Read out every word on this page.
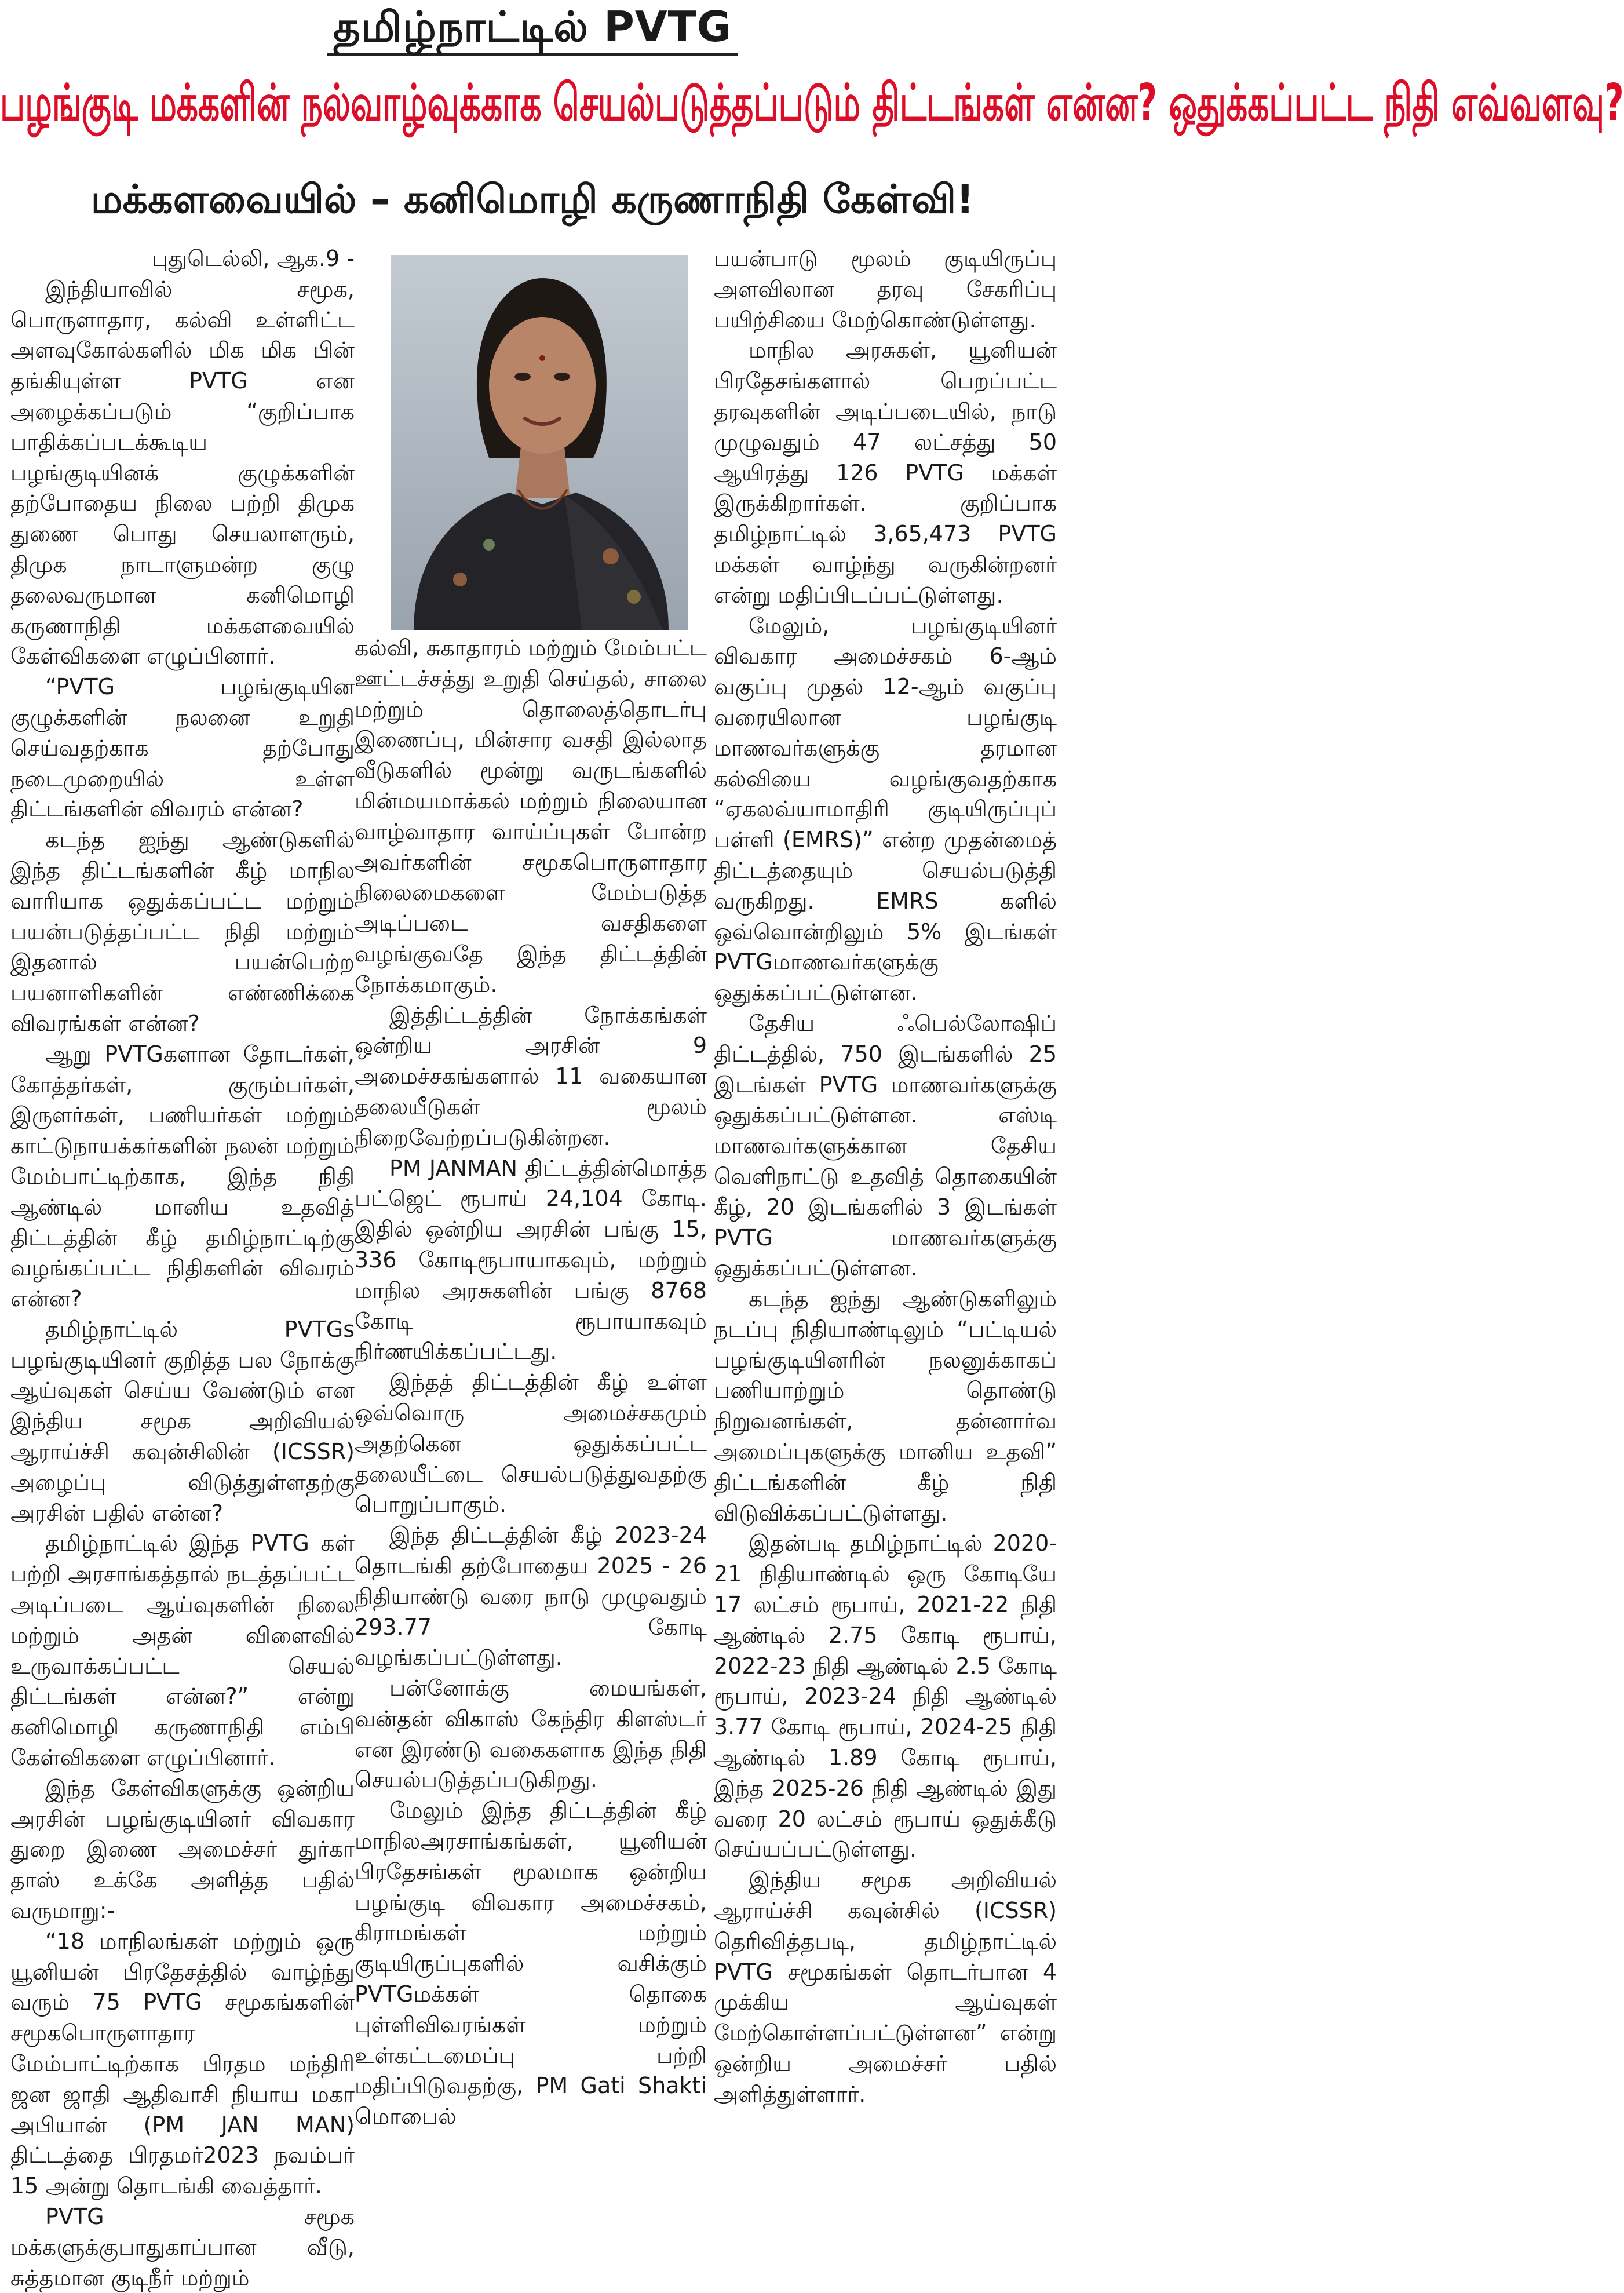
தமிழ்நாட்டில் PVTG
பழங்குடி மக்களின் நல்வாழ்வுக்காக செயல்படுத்தப்படும் திட்டங்கள் என்ன? ஒதுக்கப்பட்ட நிதி எவ்வளவு?
மக்களவையில் – கனிமொழி கருணாநிதி கேள்வி!

புதுடெல்லி, ஆக.9 -

இந்தியாவில் சமூக, பொருளாதார, கல்வி உள்ளிட்ட அளவுகோல்களில் மிக மிக பின் தங்கியுள்ள PVTG என அழைக்கப்படும் “குறிப்பாக பாதிக்கப்படக்கூடிய பழங்குடியினக் குழுக்களின் தற்போதைய நிலை பற்றி திமுக துணை பொது செயலாளரும், திமுக நாடாளுமன்ற குழு தலைவருமான கனிமொழி கருணாநிதி மக்களவையில் கேள்விகளை எழுப்பினார்.

“PVTG பழங்குடியின குழுக்களின் நலனை உறுதி செய்வதற்காக தற்போது நடைமுறையில் உள்ள திட்டங்களின் விவரம் என்ன?

கடந்த ஐந்து ஆண்டுகளில் இந்த திட்டங்களின் கீழ் மாநில வாரியாக ஒதுக்கப்பட்ட மற்றும் பயன்படுத்தப்பட்ட நிதி மற்றும் இதனால் பயன்பெற்ற பயனாளிகளின் எண்ணிக்கை விவரங்கள் என்ன?

ஆறு PVTGகளான தோடர்கள், கோத்தர்கள், குரும்பர்கள், இருளர்கள், பணியர்கள் மற்றும் காட்டுநாயக்கர்களின் நலன் மற்றும் மேம்பாட்டிற்காக, இந்த நிதி ஆண்டில் மானிய உதவித் திட்டத்தின் கீழ் தமிழ்நாட்டிற்கு வழங்கப்பட்ட நிதிகளின் விவரம் என்ன?

தமிழ்நாட்டில் PVTGs பழங்குடியினர் குறித்த பல நோக்கு ஆய்வுகள் செய்ய வேண்டும் என இந்திய சமூக அறிவியல் ஆராய்ச்சி கவுன்சிலின் (ICSSR) அழைப்பு விடுத்துள்ளதற்கு அரசின் பதில் என்ன?

தமிழ்நாட்டில் இந்த PVTG கள் பற்றி அரசாங்கத்தால் நடத்தப்பட்ட அடிப்படை ஆய்வுகளின் நிலை மற்றும் அதன் விளைவில் உருவாக்கப்பட்ட செயல் திட்டங்கள் என்ன?” என்று கனிமொழி கருணாநிதி எம்பி கேள்விகளை எழுப்பினார்.

இந்த கேள்விகளுக்கு ஒன்றிய அரசின் பழங்குடியினர் விவகார துறை இணை அமைச்சர் துர்கா தாஸ் உக்கே அளித்த பதில் வருமாறு:-

“18 மாநிலங்கள் மற்றும் ஒரு யூனியன் பிரதேசத்தில் வாழ்ந்து வரும் 75 PVTG சமூகங்களின் சமூகபொருளாதார மேம்பாட்டிற்காக பிரதம மந்திரி ஜன ஜாதி ஆதிவாசி நியாய மகா அபியான் (PM JAN MAN) திட்டத்தை பிரதமர்2023 நவம்பர் 15 அன்று தொடங்கி வைத்தார்.

PVTG சமூக மக்களுக்குபாதுகாப்பான வீடு, சுத்தமான குடிநீர் மற்றும்

கல்வி, சுகாதாரம் மற்றும் மேம்பட்ட ஊட்டச்சத்து உறுதி செய்தல், சாலை மற்றும் தொலைத்தொடர்பு இணைப்பு, மின்சார வசதி இல்லாத வீடுகளில் மூன்று வருடங்களில் மின்மயமாக்கல் மற்றும் நிலையான வாழ்வாதார வாய்ப்புகள் போன்ற அவர்களின் சமூகபொருளாதார நிலைமைகளை மேம்படுத்த அடிப்படை வசதிகளை வழங்குவதே இந்த திட்டத்தின் நோக்கமாகும்.

இத்திட்டத்தின் நோக்கங்கள் ஒன்றிய அரசின் 9 அமைச்சகங்களால் 11 வகையான தலையீடுகள் மூலம் நிறைவேற்றப்படுகின்றன.

PM JANMAN திட்டத்தின்மொத்த பட்ஜெட் ரூபாய் 24,104 கோடி. இதில் ஒன்றிய அரசின் பங்கு 15, 336 கோடிரூபாயாகவும், மற்றும் மாநில அரசுகளின் பங்கு 8768 கோடி ரூபாயாகவும் நிர்ணயிக்கப்பட்டது.

இந்தத் திட்டத்தின் கீழ் உள்ள ஒவ்வொரு அமைச்சகமும் அதற்கென ஒதுக்கப்பட்ட தலையீட்டை செயல்படுத்துவதற்கு பொறுப்பாகும்.

இந்த திட்டத்தின் கீழ் 2023-24 தொடங்கி தற்போதைய 2025 - 26 நிதியாண்டு வரை நாடு முழுவதும் 293.77 கோடி வழங்கப்பட்டுள்ளது.

பன்னோக்கு மையங்கள், வன்தன் விகாஸ் கேந்திர கிளஸ்டர் என இரண்டு வகைகளாக இந்த நிதி செயல்படுத்தப்படுகிறது.

மேலும் இந்த திட்டத்தின் கீழ் மாநிலஅரசாங்கங்கள், யூனியன் பிரதேசங்கள் மூலமாக ஒன்றிய பழங்குடி விவகார அமைச்சகம், கிராமங்கள் மற்றும் குடியிருப்புகளில் வசிக்கும் PVTGமக்கள் தொகை புள்ளிவிவரங்கள் மற்றும் உள்கட்டமைப்பு பற்றி மதிப்பிடுவதற்கு, PM Gati Shakti மொபைல்

பயன்பாடு மூலம் குடியிருப்பு அளவிலான தரவு சேகரிப்பு பயிற்சியை மேற்கொண்டுள்ளது.

மாநில அரசுகள், யூனியன் பிரதேசங்களால் பெறப்பட்ட தரவுகளின் அடிப்படையில், நாடு முழுவதும் 47 லட்சத்து 50 ஆயிரத்து 126 PVTG மக்கள் இருக்கிறார்கள். குறிப்பாக தமிழ்நாட்டில் 3,65,473 PVTG மக்கள் வாழ்ந்து வருகின்றனர் என்று மதிப்பிடப்பட்டுள்ளது.

மேலும், பழங்குடியினர் விவகார அமைச்சகம் 6-ஆம் வகுப்பு முதல் 12-ஆம் வகுப்பு வரையிலான பழங்குடி மாணவர்களுக்கு தரமான கல்வியை வழங்குவதற்காக “ஏகலவ்யாமாதிரி குடியிருப்புப் பள்ளி (EMRS)” என்ற முதன்மைத் திட்டத்தையும் செயல்படுத்தி வருகிறது. EMRS களில் ஒவ்வொன்றிலும் 5% இடங்கள் PVTGமாணவர்களுக்கு ஒதுக்கப்பட்டுள்ளன.

தேசிய ஃபெல்லோஷிப் திட்டத்தில், 750 இடங்களில் 25 இடங்கள் PVTG மாணவர்களுக்கு ஒதுக்கப்பட்டுள்ளன. எஸ்டி மாணவர்களுக்கான தேசிய வெளிநாட்டு உதவித் தொகையின் கீழ், 20 இடங்களில் 3 இடங்கள் PVTG மாணவர்களுக்கு ஒதுக்கப்பட்டுள்ளன.

கடந்த ஐந்து ஆண்டுகளிலும் நடப்பு நிதியாண்டிலும் “பட்டியல் பழங்குடியினரின் நலனுக்காகப் பணியாற்றும் தொண்டு நிறுவனங்கள், தன்னார்வ அமைப்புகளுக்கு மானிய உதவி” திட்டங்களின் கீழ் நிதி விடுவிக்கப்பட்டுள்ளது.

இதன்படி தமிழ்நாட்டில் 2020-21 நிதியாண்டில் ஒரு கோடியே 17 லட்சம் ரூபாய், 2021-22 நிதி ஆண்டில் 2.75 கோடி ரூபாய், 2022-23 நிதி ஆண்டில் 2.5 கோடி ரூபாய், 2023-24 நிதி ஆண்டில் 3.77 கோடி ரூபாய், 2024-25 நிதி ஆண்டில் 1.89 கோடி ரூபாய், இந்த 2025-26 நிதி ஆண்டில் இது வரை 20 லட்சம் ரூபாய் ஒதுக்கீடு செய்யப்பட்டுள்ளது.

இந்திய சமூக அறிவியல் ஆராய்ச்சி கவுன்சில் (ICSSR) தெரிவித்தபடி, தமிழ்நாட்டில் PVTG சமூகங்கள் தொடர்பான 4 முக்கிய ஆய்வுகள் மேற்கொள்ளப்பட்டுள்ளன” என்று ஒன்றிய அமைச்சர் பதில் அளித்துள்ளார்.
